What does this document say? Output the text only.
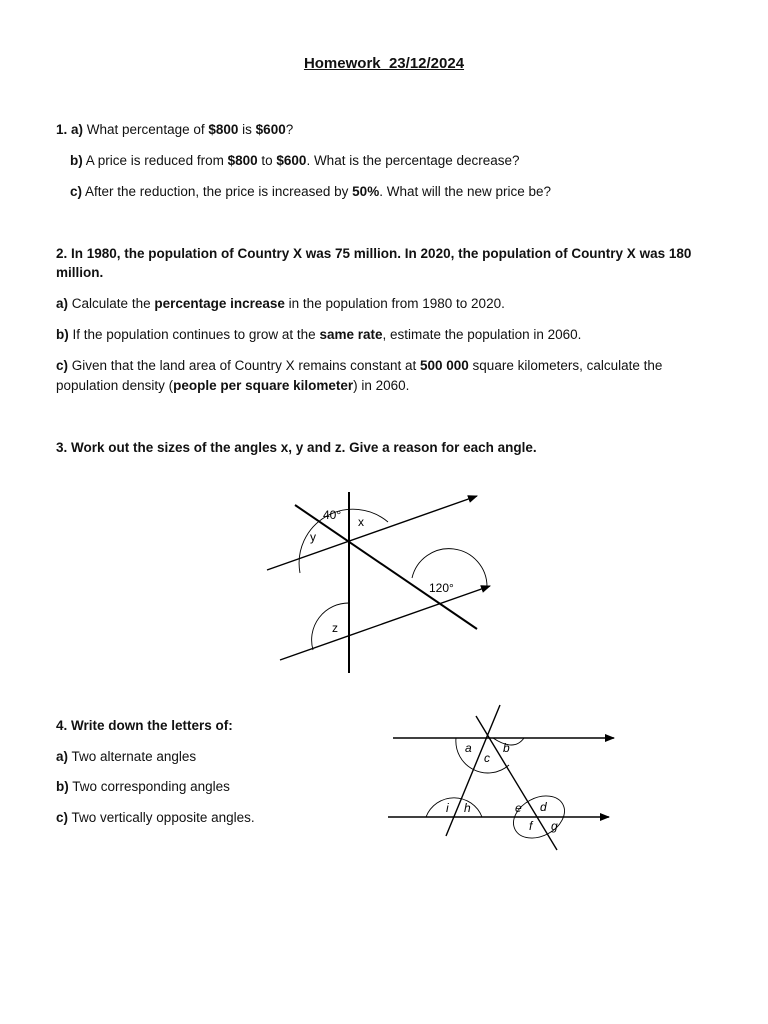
Homework_23/12/2024
1. a) What percentage of $800 is $600?
b) A price is reduced from $800 to $600. What is the percentage decrease?
c) After the reduction, the price is increased by 50%. What will the new price be?
2. In 1980, the population of Country X was 75 million. In 2020, the population of Country X was 180
million.
a) Calculate the percentage increase in the population from 1980 to 2020.
b) If the population continues to grow at the same rate, estimate the population in 2060.
c) Given that the land area of Country X remains constant at 500 000 square kilometers, calculate the
population density (people per square kilometer) in 2060.
3. Work out the sizes of the angles x, y and z. Give a reason for each angle.
40° x
y
120°
z
a	b
c
i h	e d
f g
4. Write down the letters of:
a) Two alternate angles
b) Two corresponding angles
c) Two vertically opposite angles.
